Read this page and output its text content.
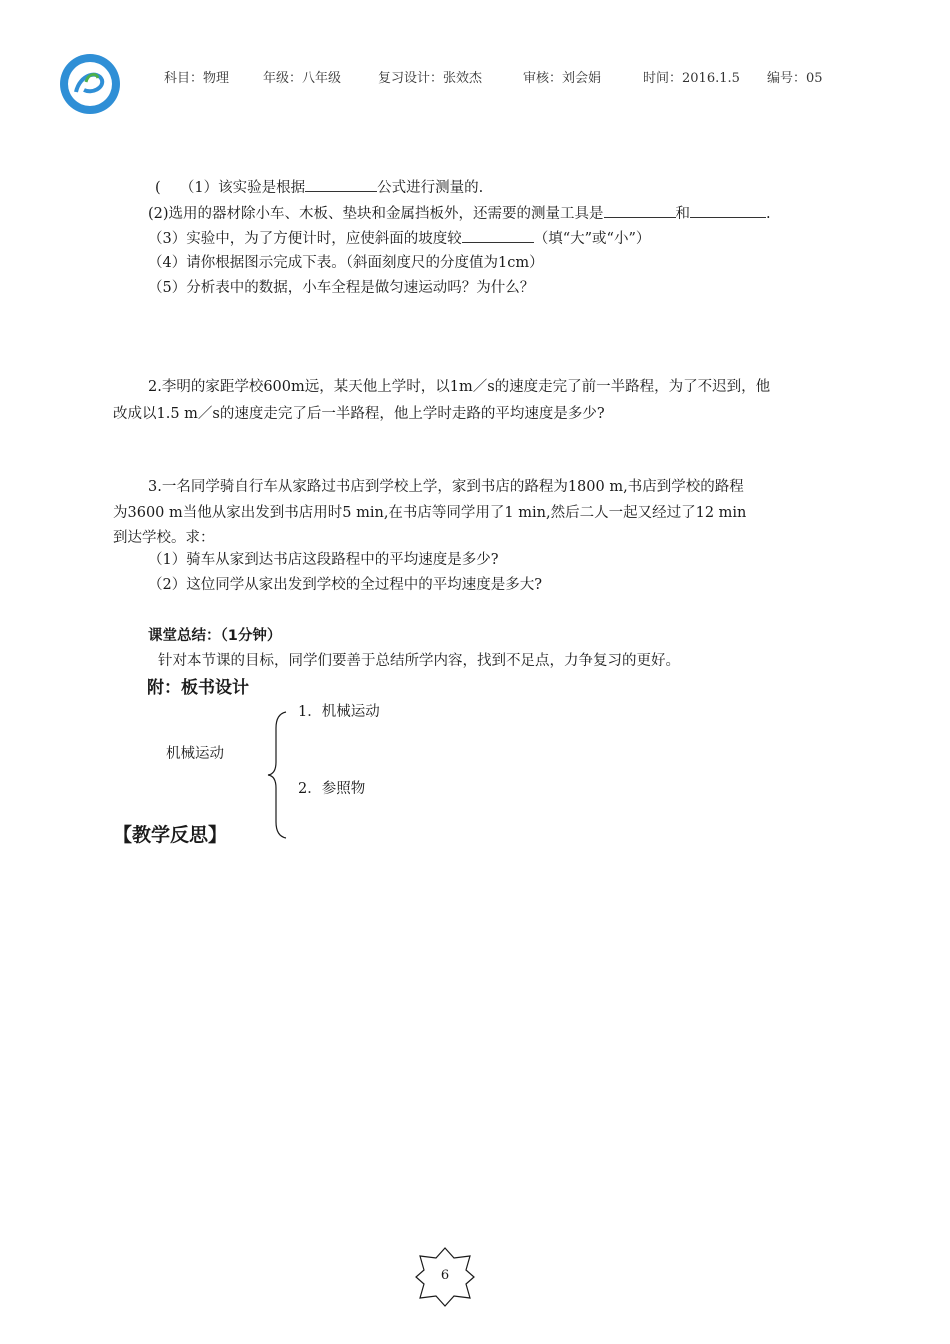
科目：物理	年级：八年级	复习设计：张效杰	审核：刘会娟	时间：2016.1.5 编号：05
( （1）该实验是根据	公式进行测量的.
(2)选用的器材除小车、木板、垫块和金属挡板外，还需要的测量工具是	和	.
（3）实验中，为了方便计时，应使斜面的坡度较	（填“大”或“小”）
（4）请你根据图示完成下表。（斜面刻度尺的分度值为1cm）
（5）分析表中的数据，小车全程是做匀速运动吗？为什么？
2.李明的家距学校600m远，某天他上学时，以1m／s的速度走完了前一半路程，为了不迟到，他
改成以1.5 m／s的速度走完了后一半路程，他上学时走路的平均速度是多少?
3.一名同学骑自行车从家路过书店到学校上学，家到书店的路程为1800 m,书店到学校的路程
为3600 m当他从家出发到书店用时5 min,在书店等同学用了1 min,然后二人一起又经过了12 min
到达学校。求：
（1）骑车从家到达书店这段路程中的平均速度是多少?
（2）这位同学从家出发到学校的全过程中的平均速度是多大?
课堂总结：（1分钟）
针对本节课的目标，同学们要善于总结所学内容，找到不足点，力争复习的更好。
附：板书设计
机械运动
1．机械运动
2．参照物
【教学反思】
6
